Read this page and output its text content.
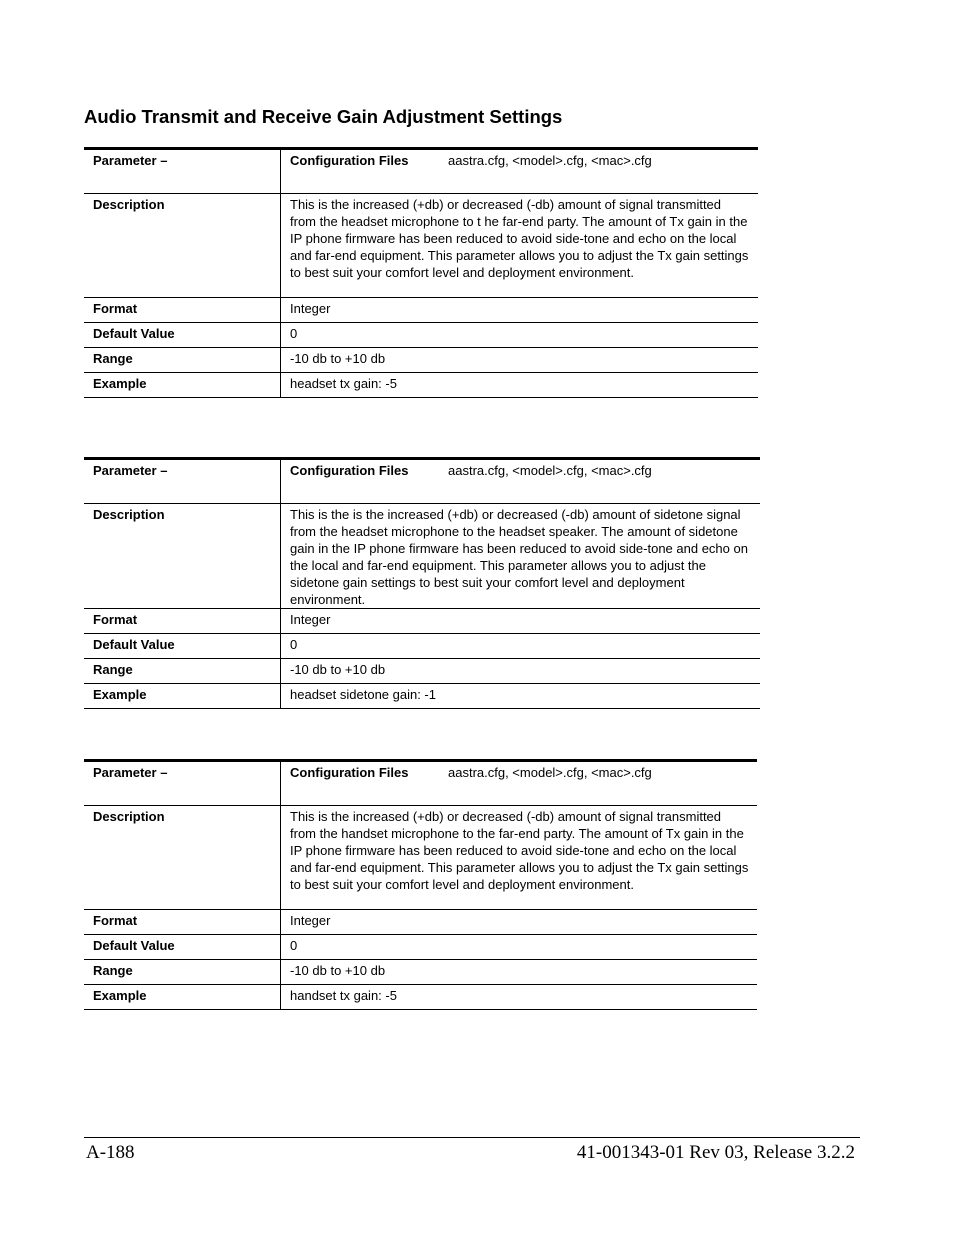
Audio Transmit and Receive Gain Adjustment Settings
Parameter –	Configuration Files aastra.cfg, <model>.cfg, <mac>.cfg
Description	This is the increased (+db) or decreased (-db) amount of signal transmitted from the headset microphone to t he far-end party. The amount of Tx gain in the IP phone firmware has been reduced to avoid side-tone and echo on the local and far-end equipment. This parameter allows you to adjust the Tx gain settings to best suit your comfort level and deployment environment.
Format	Integer
Default Value	0
Range	-10 db to +10 db
Example	headset tx gain: -5
Parameter –	Configuration Files aastra.cfg, <model>.cfg, <mac>.cfg
Description	This is the is the increased (+db) or decreased (-db) amount of sidetone signal from the headset microphone to the headset speaker. The amount of sidetone gain in the IP phone firmware has been reduced to avoid side-tone and echo on the local and far-end equipment. This parameter allows you to adjust the sidetone gain settings to best suit your comfort level and deployment environment.
Format	Integer
Default Value	0
Range	-10 db to +10 db
Example	headset sidetone gain: -1
Parameter –	Configuration Files aastra.cfg, <model>.cfg, <mac>.cfg
Description	This is the increased (+db) or decreased (-db) amount of signal transmitted from the handset microphone to the far-end party. The amount of Tx gain in the IP phone firmware has been reduced to avoid side-tone and echo on the local and far-end equipment. This parameter allows you to adjust the Tx gain settings to best suit your comfort level and deployment environment.
Format	Integer
Default Value	0
Range	-10 db to +10 db
Example	handset tx gain: -5
A-188	41-001343-01 Rev 03, Release 3.2.2
